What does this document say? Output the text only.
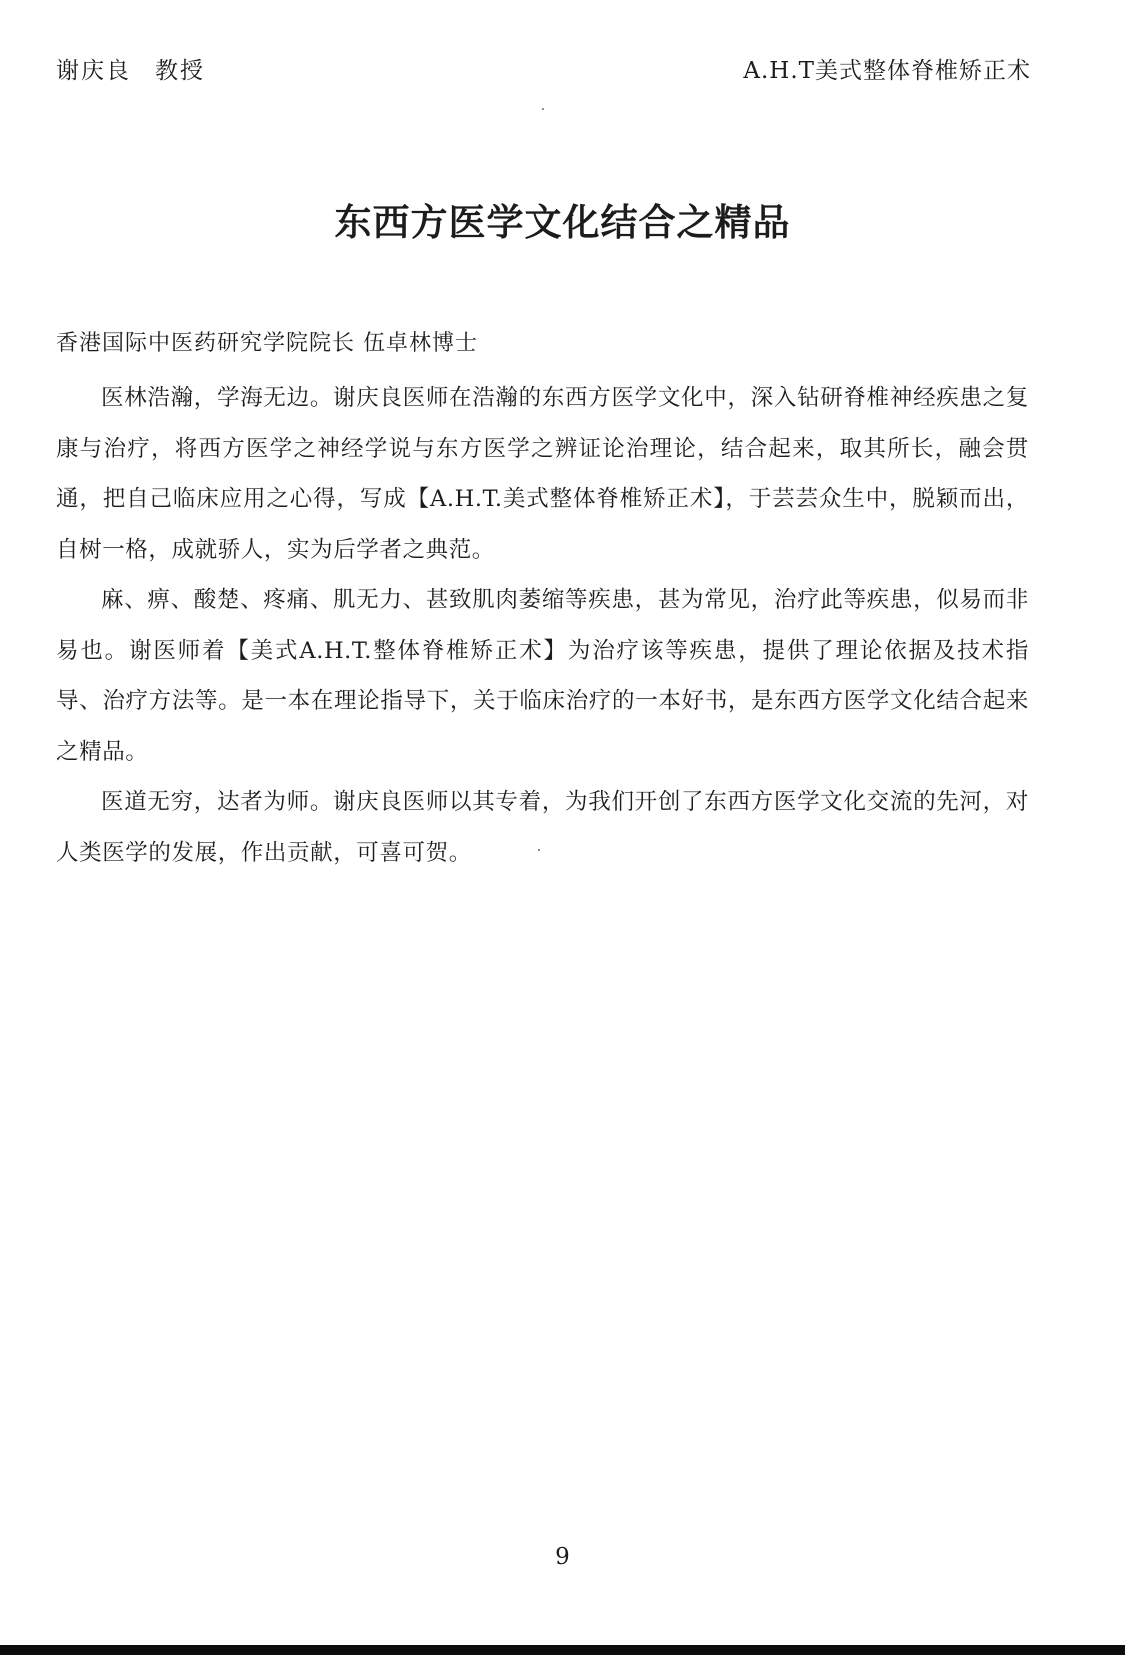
谢庆良 教授	A.H.T美式整体脊椎矫正术
东西方医学文化结合之精品
香港国际中医药研究学院院长 伍卓林博士

医林浩瀚，学海无边。谢庆良医师在浩瀚的东西方医学文化中，深入钻研脊椎神经疾患之复康与治疗，将西方医学之神经学说与东方医学之辨证论治理论，结合起来，取其所长，融会贯通，把自己临床应用之心得，写成【A.H.T.美式整体脊椎矫正术】，于芸芸众生中，脱颖而出，自树一格，成就骄人，实为后学者之典范。

麻、痹、酸楚、疼痛、肌无力、甚致肌肉萎缩等疾患，甚为常见，治疗此等疾患，似易而非易也。谢医师着【美式A.H.T.整体脊椎矫正术】为治疗该等疾患，提供了理论依据及技术指导、治疗方法等。是一本在理论指导下，关于临床治疗的一本好书，是东西方医学文化结合起来之精品。

医道无穷，达者为师。谢庆良医师以其专着，为我们开创了东西方医学文化交流的先河，对人类医学的发展，作出贡献，可喜可贺。

9
